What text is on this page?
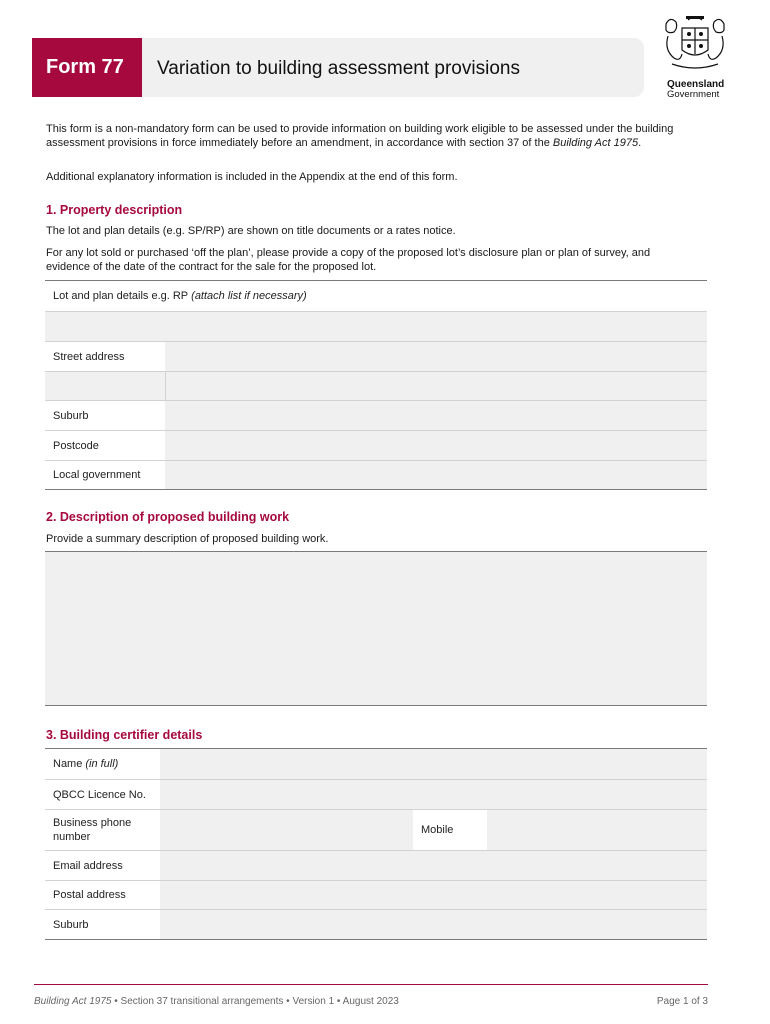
Form 77	Variation to building assessment provisions
Queensland
Government
This form is a non-mandatory form can be used to provide information on building work eligible to be assessed under the building assessment provisions in force immediately before an amendment, in accordance with section 37 of the Building Act 1975.
Additional explanatory information is included in the Appendix at the end of this form.
1. Property description
The lot and plan details (e.g. SP/RP) are shown on title documents or a rates notice.
For any lot sold or purchased ‘off the plan’, please provide a copy of the proposed lot’s disclosure plan or plan of survey, and evidence of the date of the contract for the sale for the proposed lot.
Lot and plan details e.g. RP (attach list if necessary)
Street address
Suburb
Postcode
Local government
2. Description of proposed building work
Provide a summary description of proposed building work.
3. Building certifier details
Name (in full)
QBCC Licence No.
Business phone number
Mobile
Email address
Postal address
Suburb
Building Act 1975 • Section 37 transitional arrangements • Version 1 • August 2023	Page 1 of 3
